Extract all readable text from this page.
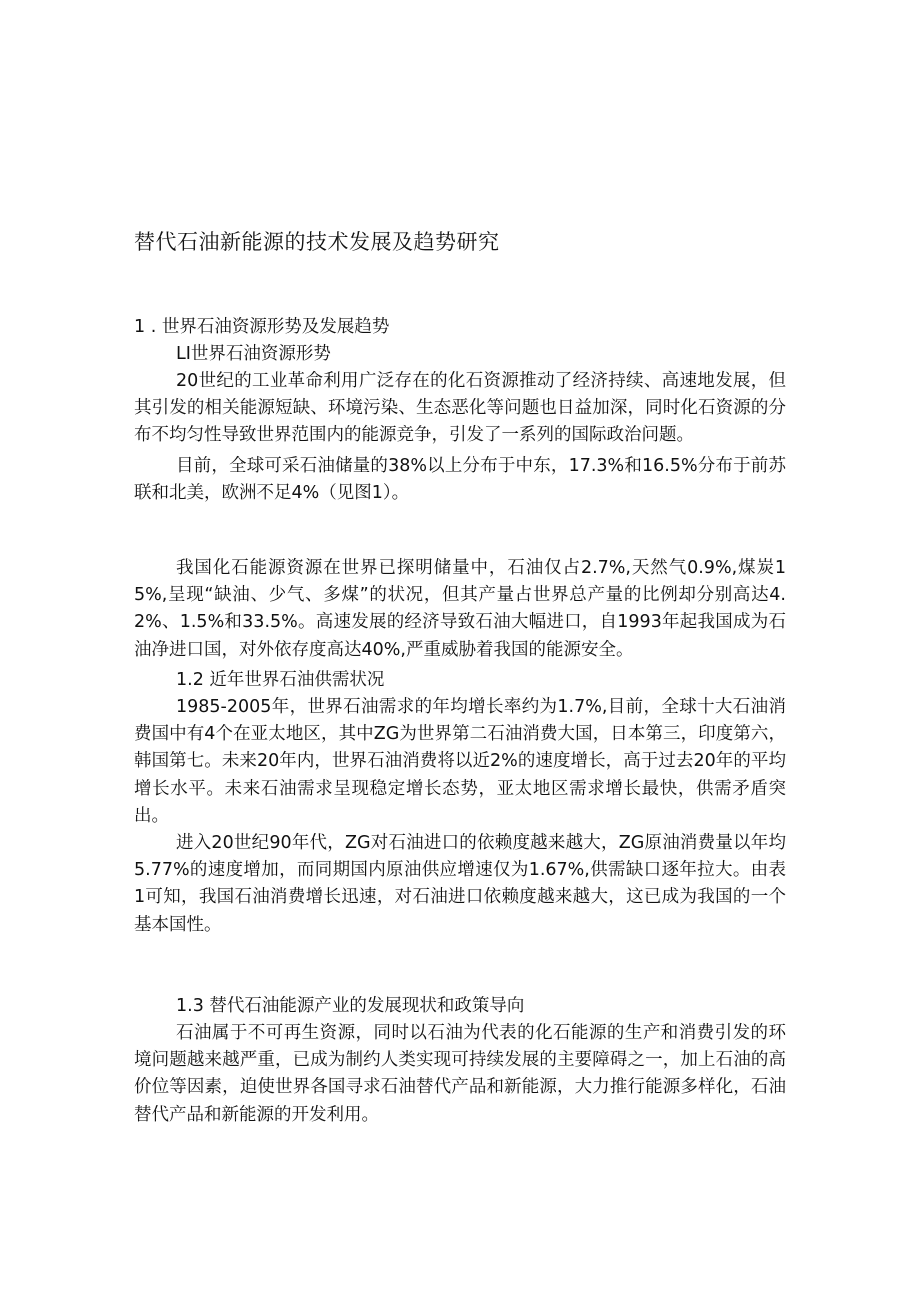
替代石油新能源的技术发展及趋势研究
1 . 世界石油资源形势及发展趋势
LI世界石油资源形势
20世纪的工业革命利用广泛存在的化石资源推动了经济持续、高速地发展，但其引发的相关能源短缺、环境污染、生态恶化等问题也日益加深，同时化石资源的分布不均匀性导致世界范围内的能源竞争，引发了一系列的国际政治问题。
目前，全球可采石油储量的38%以上分布于中东，17.3%和16.5%分布于前苏联和北美，欧洲不足4%（见图1）。
我国化石能源资源在世界已探明储量中，石油仅占2.7%,天然气0.9%,煤炭15%,呈现“缺油、少气、多煤”的状况，但其产量占世界总产量的比例却分别高达4.2%、1.5%和33.5%。高速发展的经济导致石油大幅进口，自1993年起我国成为石油净进口国，对外依存度高达40%,严重威胁着我国的能源安全。
1.2 近年世界石油供需状况
1985-2005年，世界石油需求的年均增长率约为1.7%,目前，全球十大石油消费国中有4个在亚太地区，其中ZG为世界第二石油消费大国，日本第三，印度第六，韩国第七。未来20年内，世界石油消费将以近2%的速度增长，高于过去20年的平均增长水平。未来石油需求呈现稳定增长态势，亚太地区需求增长最快，供需矛盾突出。
进入20世纪90年代，ZG对石油进口的依赖度越来越大，ZG原油消费量以年均5.77%的速度增加，而同期国内原油供应增速仅为1.67%,供需缺口逐年拉大。由表1可知，我国石油消费增长迅速，对石油进口依赖度越来越大，这已成为我国的一个基本国性。
1.3 替代石油能源产业的发展现状和政策导向
石油属于不可再生资源，同时以石油为代表的化石能源的生产和消费引发的环境问题越来越严重，已成为制约人类实现可持续发展的主要障碍之一，加上石油的高价位等因素，迫使世界各国寻求石油替代产品和新能源，大力推行能源多样化，石油替代产品和新能源的开发利用。
